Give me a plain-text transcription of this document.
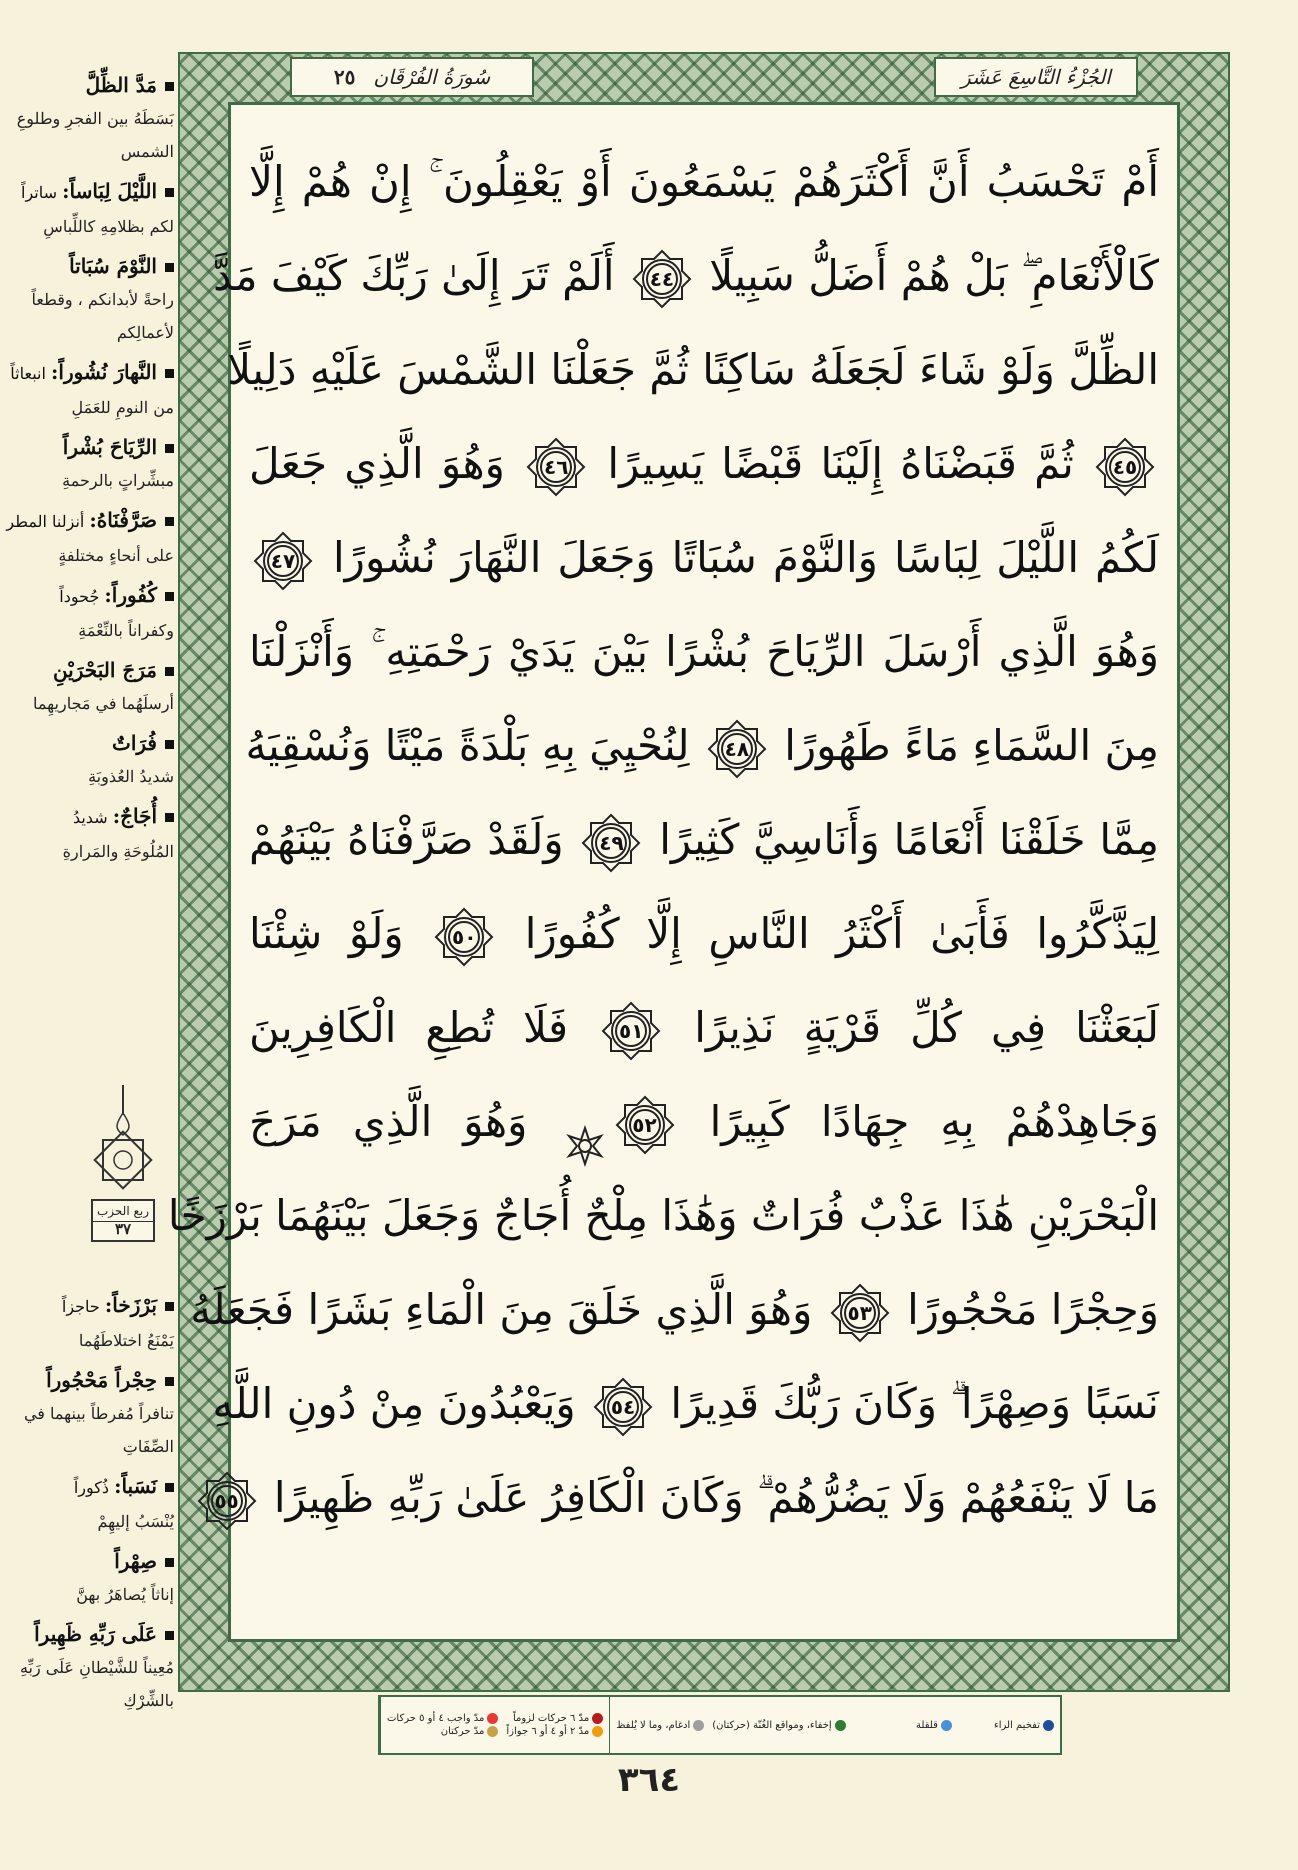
مَدَّ الظِّلَّ
بَسَطَهُ بين الفجرِ وطلوعِ الشمس
اللَّيْلَ لِبَاساً: ساتراً
لكم بظلامِهِ كاللِّباسِ
النَّوْمَ سُبَاتاً
راحةً لأبدانكم ، وقطعاً لأعمالِكم
النَّهارَ نُشُوراً: انبعاثاً
من النومِ للعَمَلِ
الرِّيَاحَ بُشْراً
مبشِّراتٍ بالرحمةِ
صَرَّفْنَاهُ: أنزلنا المطر
على أنحاءٍ مختلفةٍ
كُفُوراً: جُحوداً
وكفراناً بالنِّعْمَةِ
مَرَجَ البَحْرَيْنِ
أرسلَهُما في مَجاريهِما
فُرَاتٌ
شديدُ العُذوبَةِ
أُجَاجٌ: شديدُ
المُلُوحَةِ والمَرارةِ
بَرْزَخاً: حاجزاً
يَمْنَعُ اختلاطَهُما
حِجْراً مَحْجُوراً
تنافراً مُفرطاً بينهما في الصِّفَاتِ
نَسَباً: ذُكوراً
يُنْسَبُ إليهِمْ
صِهْراً
إناثاً يُصاهَرُ بهنَّ
عَلَى رَبِّهِ ظَهِيراً
مُعِيناً للشَّيْطانِ عَلَى رَبِّهِ بالشِّرْكِ
ربع الحزب
٣٧
سُورَةُ الفُرْقَان
٢٥	الجُزْءُ التَّاسِعَ عَشَرَ
أَمْ تَحْسَبُ أَنَّ أَكْثَرَهُمْ يَسْمَعُونَ أَوْ يَعْقِلُونَ ۚ إِنْ هُمْ إِلَّا
كَالْأَنْعَامِ ۖ بَلْ هُمْ أَضَلُّ سَبِيلًا
٤٤
أَلَمْ تَرَ إِلَىٰ رَبِّكَ كَيْفَ مَدَّ
الظِّلَّ وَلَوْ شَاءَ لَجَعَلَهُ سَاكِنًا ثُمَّ جَعَلْنَا الشَّمْسَ عَلَيْهِ دَلِيلًا
٤٥
ثُمَّ قَبَضْنَاهُ إِلَيْنَا قَبْضًا يَسِيرًا
٤٦
وَهُوَ الَّذِي جَعَلَ
لَكُمُ اللَّيْلَ لِبَاسًا وَالنَّوْمَ سُبَاتًا وَجَعَلَ النَّهَارَ نُشُورًا
٤٧
وَهُوَ الَّذِي أَرْسَلَ الرِّيَاحَ بُشْرًا بَيْنَ يَدَيْ رَحْمَتِهِ ۚ وَأَنْزَلْنَا
مِنَ السَّمَاءِ مَاءً طَهُورًا
٤٨
لِنُحْيِيَ بِهِ بَلْدَةً مَيْتًا وَنُسْقِيَهُ
مِمَّا خَلَقْنَا أَنْعَامًا وَأَنَاسِيَّ كَثِيرًا
٤٩
وَلَقَدْ صَرَّفْنَاهُ بَيْنَهُمْ
لِيَذَّكَّرُوا فَأَبَىٰ أَكْثَرُ النَّاسِ إِلَّا كُفُورًا
٥٠
وَلَوْ شِئْنَا
لَبَعَثْنَا فِي كُلِّ قَرْيَةٍ نَذِيرًا
٥١
فَلَا تُطِعِ الْكَافِرِينَ
وَجَاهِدْهُمْ بِهِ جِهَادًا كَبِيرًا
٥٢
وَهُوَ الَّذِي مَرَجَ
الْبَحْرَيْنِ هَٰذَا عَذْبٌ فُرَاتٌ وَهَٰذَا مِلْحٌ أُجَاجٌ وَجَعَلَ بَيْنَهُمَا بَرْزَخًا
وَحِجْرًا مَحْجُورًا
٥٣
وَهُوَ الَّذِي خَلَقَ مِنَ الْمَاءِ بَشَرًا فَجَعَلَهُ
نَسَبًا وَصِهْرًا ۗ وَكَانَ رَبُّكَ قَدِيرًا
٥٤
وَيَعْبُدُونَ مِنْ دُونِ اللَّهِ
مَا لَا يَنْفَعُهُمْ وَلَا يَضُرُّهُمْ ۗ وَكَانَ الْكَافِرُ عَلَىٰ رَبِّهِ ظَهِيرًا
٥٥
مدّ ٦ حركات لزوماً
مدّ واجب ٤ أو ٥ حركات
مدّ ٢ أو ٤ أو ٦ جوازاً
مدّ حركتان
إخفاء، ومواقع الغُنّة (حركتان)
ادغام، وما لا يُلفظ	تفخيم الراء
قلقلة
٣٦٤
